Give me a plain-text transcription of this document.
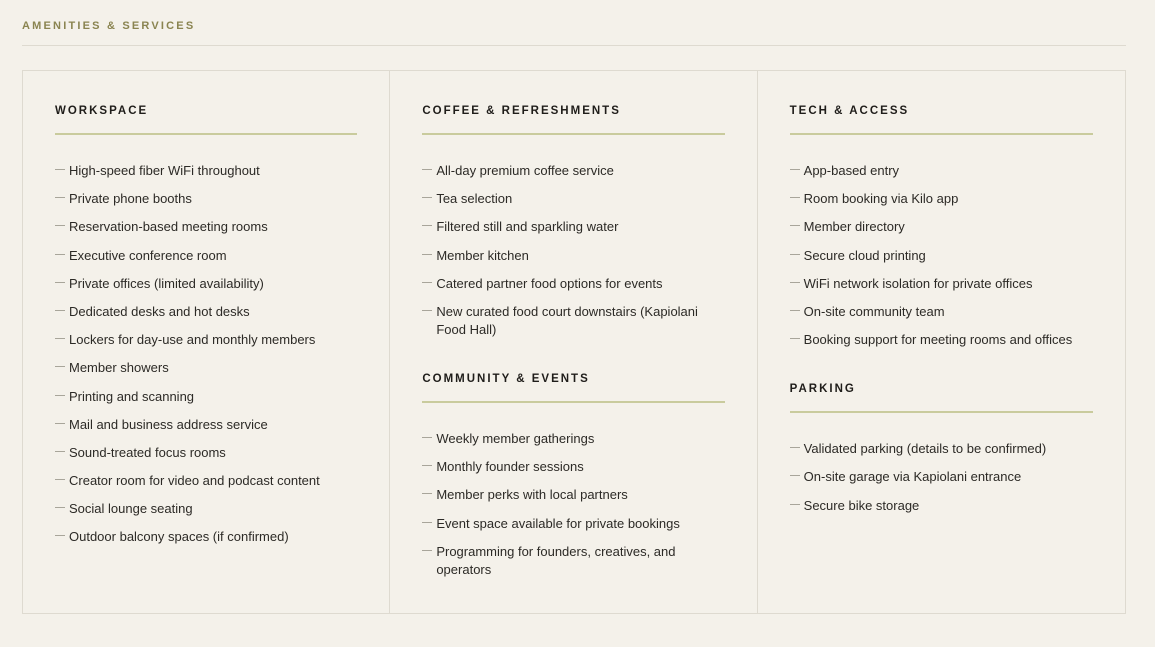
AMENITIES & SERVICES
WORKSPACE
High-speed fiber WiFi throughout
Private phone booths
Reservation-based meeting rooms
Executive conference room
Private offices (limited availability)
Dedicated desks and hot desks
Lockers for day-use and monthly members
Member showers
Printing and scanning
Mail and business address service
Sound-treated focus rooms
Creator room for video and podcast content
Social lounge seating
Outdoor balcony spaces (if confirmed)
COFFEE & REFRESHMENTS
All-day premium coffee service
Tea selection
Filtered still and sparkling water
Member kitchen
Catered partner food options for events
New curated food court downstairs (Kapiolani Food Hall)
COMMUNITY & EVENTS
Weekly member gatherings
Monthly founder sessions
Member perks with local partners
Event space available for private bookings
Programming for founders, creatives, and operators
TECH & ACCESS
App-based entry
Room booking via Kilo app
Member directory
Secure cloud printing
WiFi network isolation for private offices
On-site community team
Booking support for meeting rooms and offices
PARKING
Validated parking (details to be confirmed)
On-site garage via Kapiolani entrance
Secure bike storage
